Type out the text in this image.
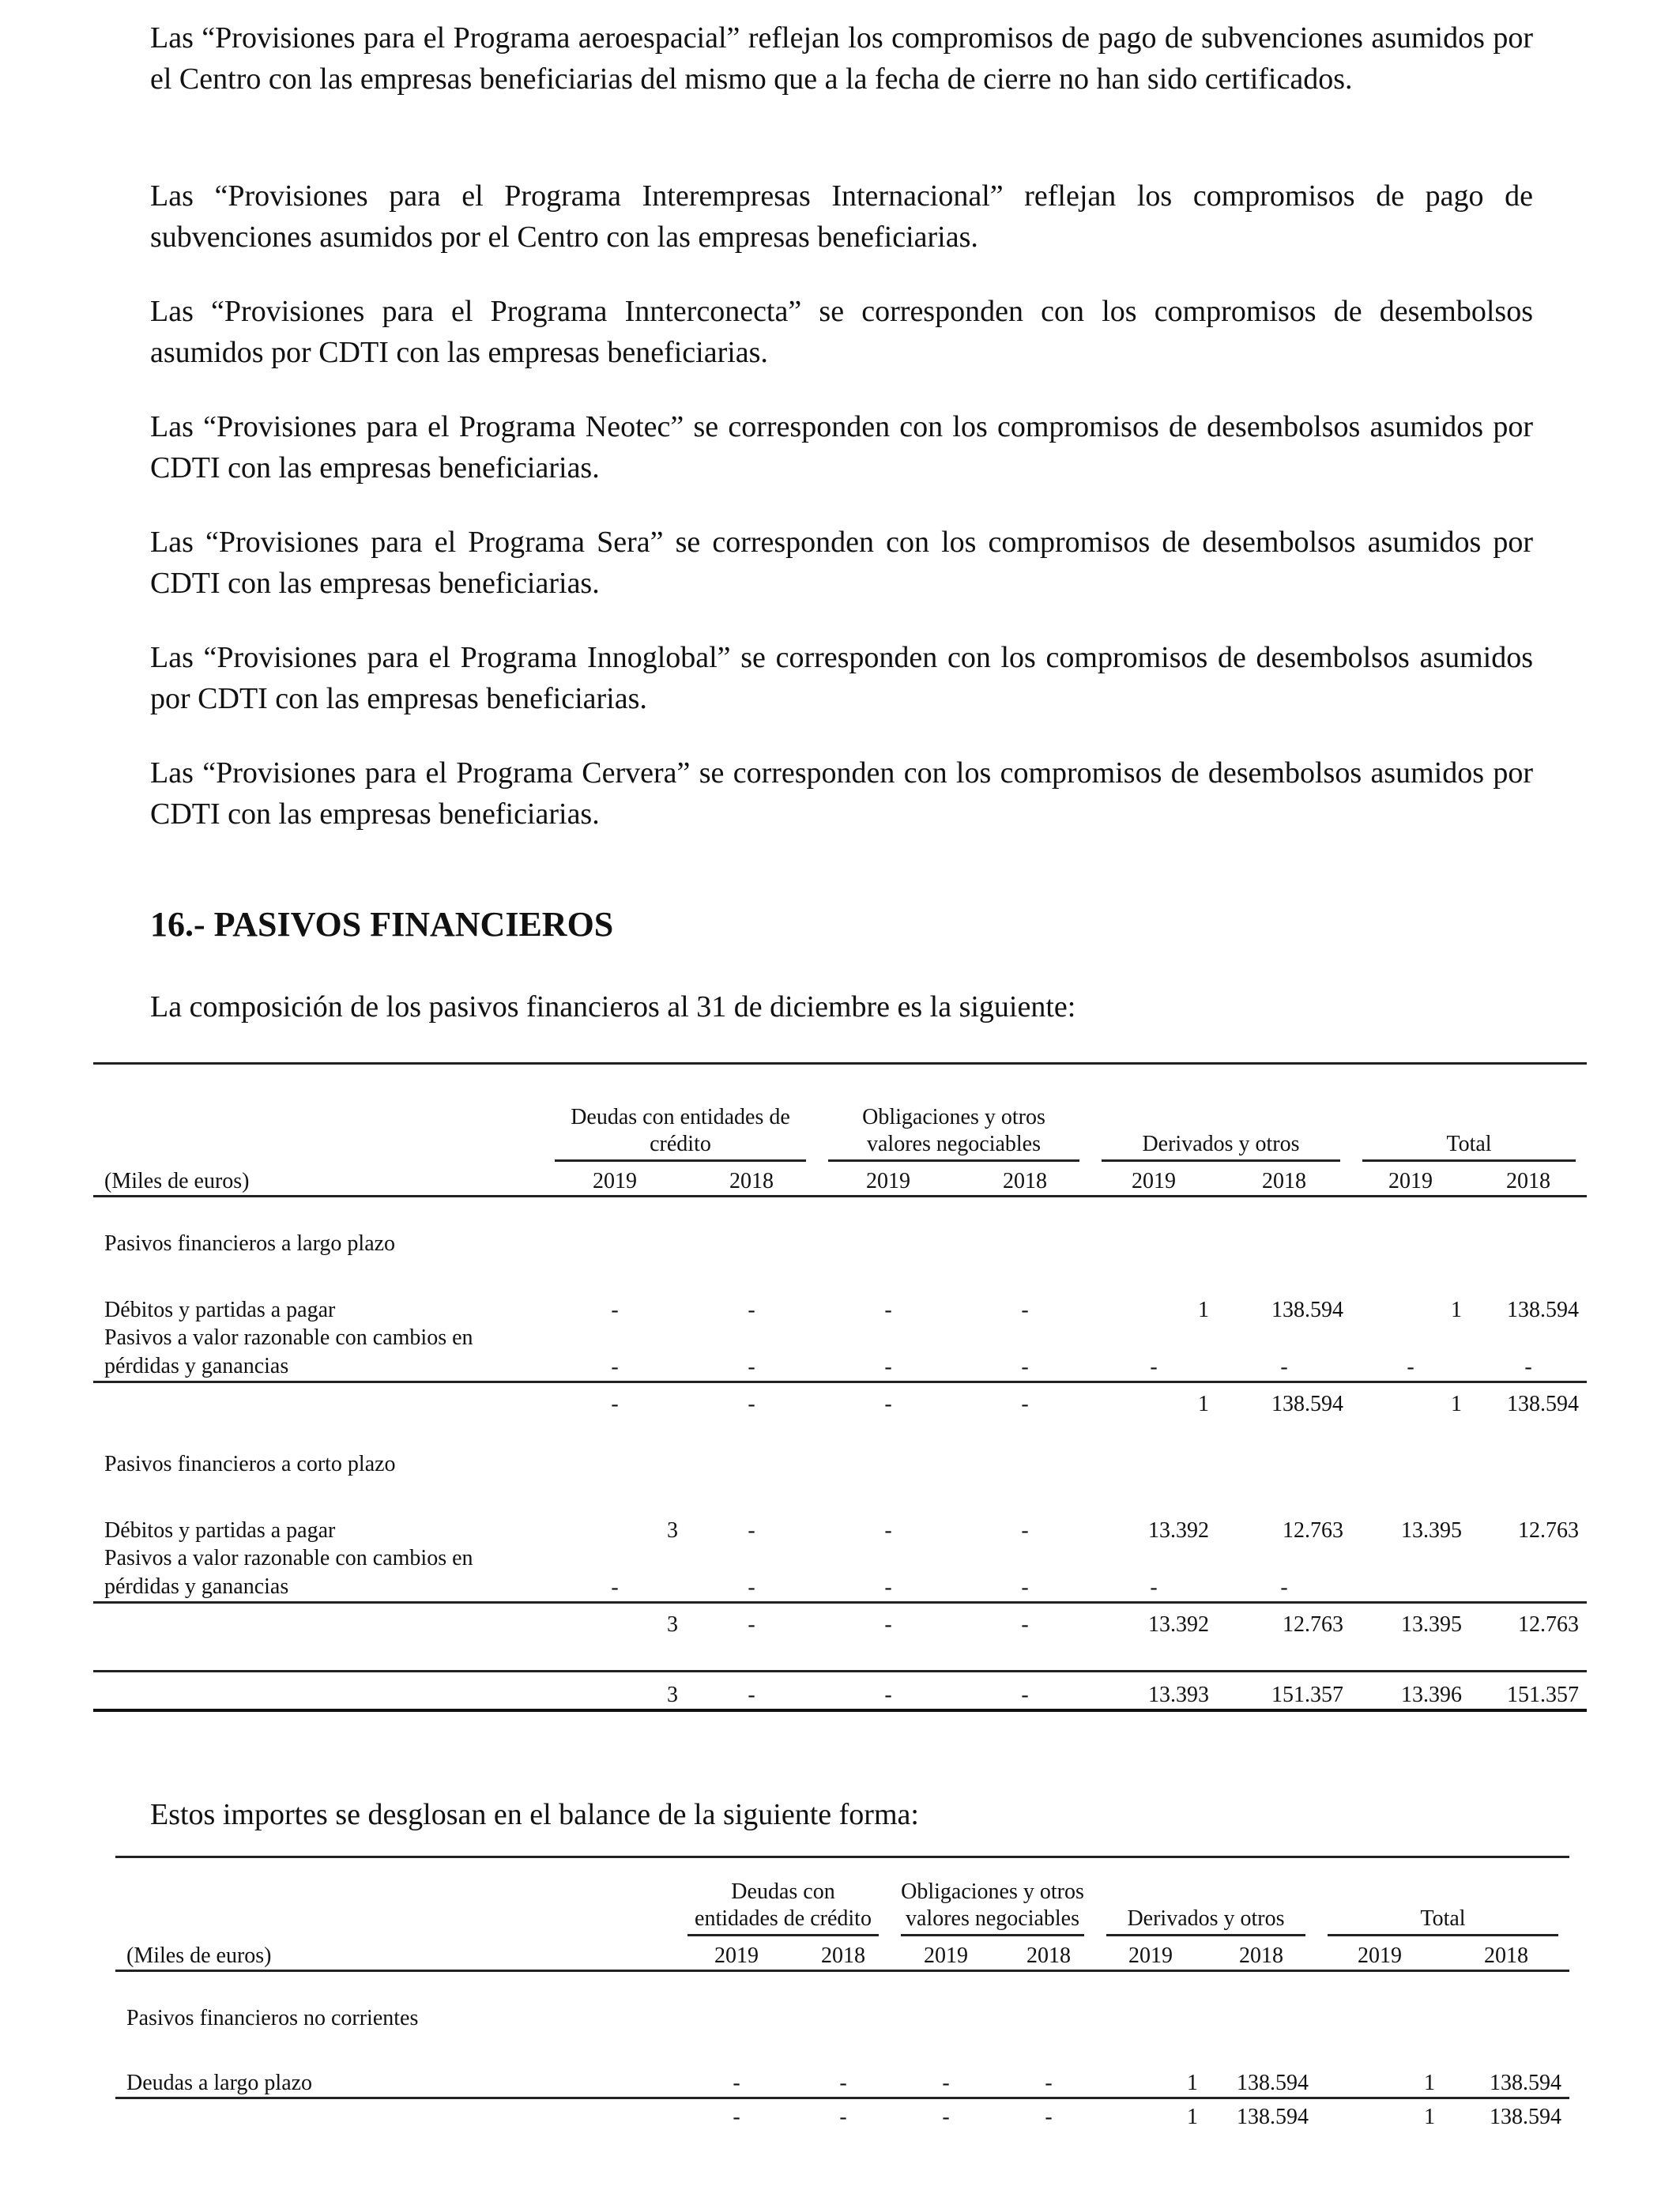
Las “Provisiones para el Programa aeroespacial” reflejan los compromisos de pago de subvenciones asumidos por el Centro con las empresas beneficiarias del mismo que a la fecha de cierre no han sido certificados.

Las “Provisiones para el Programa Interempresas Internacional” reflejan los compromisos de pago de subvenciones asumidos por el Centro con las empresas beneficiarias.

Las “Provisiones para el Programa Innterconecta” se corresponden con los compromisos de desembolsos asumidos por CDTI con las empresas beneficiarias.

Las “Provisiones para el Programa Neotec” se corresponden con los compromisos de desembolsos asumidos por CDTI con las empresas beneficiarias.

Las “Provisiones para el Programa Sera” se corresponden con los compromisos de desembolsos asumidos por CDTI con las empresas beneficiarias.

Las “Provisiones para el Programa Innoglobal” se corresponden con los compromisos de desembolsos asumidos por CDTI con las empresas beneficiarias.

Las “Provisiones para el Programa Cervera” se corresponden con los compromisos de desembolsos asumidos por CDTI con las empresas beneficiarias.

16.- PASIVOS FINANCIEROS

La composición de los pasivos financieros al 31 de diciembre es la siguiente:

	Deudas con entidades de crédito		Obligaciones y otros valores negociables		Derivados y otros		Total	

(Miles de euros)	2019	2018	2019	2018	2019	2018	2019	2018

Pasivos financieros a largo plazo								

Débitos y partidas a pagar	-	-	-	-	1	138.594	1	138.594
Pasivos a valor razonable con cambios en pérdidas y ganancias	-	-	-	-	-	-	-	-
	-	-	-	-	1	138.594	1	138.594

Pasivos financieros a corto plazo								

Débitos y partidas a pagar	3	-	-	-	13.392	12.763	13.395	12.763
Pasivos a valor razonable con cambios en pérdidas y ganancias	-	-	-	-	-	-		
	3	-	-	-	13.392	12.763	13.395	12.763

	3	-	-	-	13.393	151.357	13.396	151.357

Estos importes se desglosan en el balance de la siguiente forma:

	Deudas con entidades de crédito		Obligaciones y otros valores negociables		Derivados y otros		Total	

(Miles de euros)	2019	2018	2019	2018	2019	2018	2019	2018

Pasivos financieros no corrientes								

Deudas a largo plazo	-	-	-	-	1	138.594	1	138.594
	-	-	-	-	1	138.594	1	138.594
